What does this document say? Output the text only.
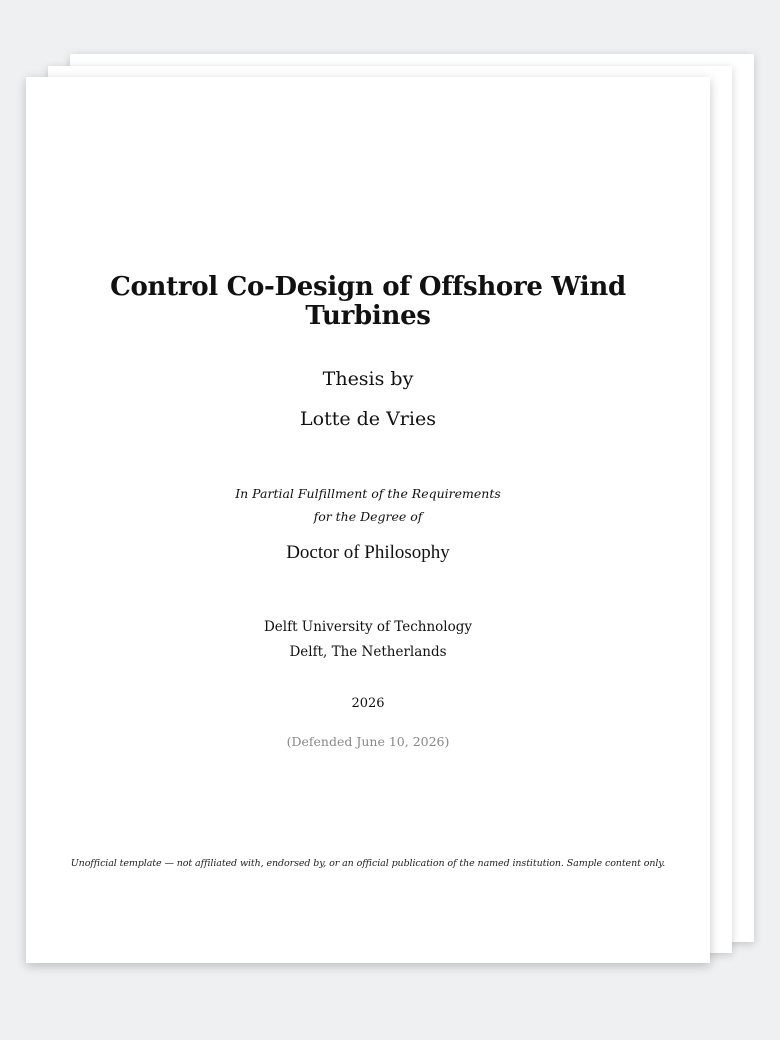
Control Co-Design of Offshore Wind Turbines

Thesis by

Lotte de Vries

In Partial Fulfillment of the Requirements

for the Degree of

Doctor of Philosophy

Delft University of Technology

Delft, The Netherlands

2026

(Defended June 10, 2026)

Unofficial template — not affiliated with, endorsed by, or an official publication of the named institution. Sample content only.
